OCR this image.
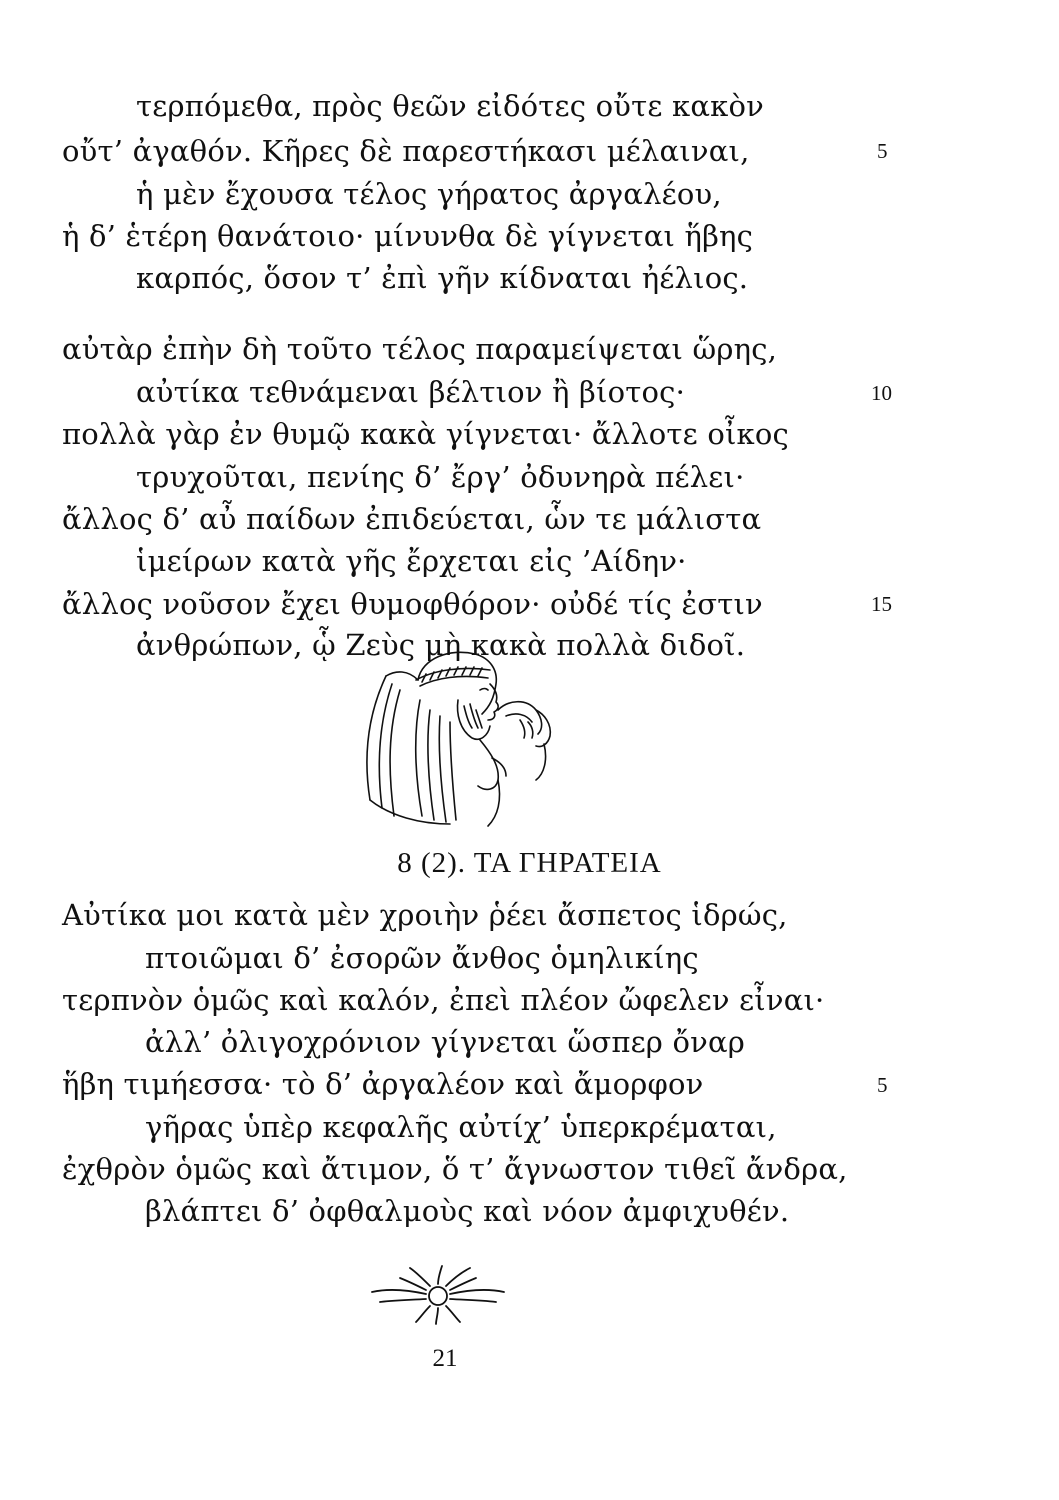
τερπόμεθα, πρὸς θεῶν εἰδότες οὔτε κακὸν
οὔτ’ ἀγαθόν. Κῆρες δὲ παρεστήκασι μέλαιναι,
ἡ μὲν ἔχουσα τέλος γήρατος ἀργαλέου,
ἡ δ’ ἑτέρη θανάτοιο· μίνυνθα δὲ γίγνεται ἥβης
καρπός, ὅσον τ’ ἐπὶ γῆν κίδναται ἠέλιος.
αὐτὰρ ἐπὴν δὴ τοῦτο τέλος παραμείψεται ὥρης,
αὐτίκα τεθνάμεναι βέλτιον ἢ βίοτος·
πολλὰ γὰρ ἐν θυμῷ κακὰ γίγνεται· ἄλλοτε οἶκος
τρυχοῦται, πενίης δ’ ἔργ’ ὀδυνηρὰ πέλει·
ἄλλος δ’ αὖ παίδων ἐπιδεύεται, ὧν τε μάλιστα
ἱμείρων κατὰ γῆς ἔρχεται εἰς ’Αίδην·
ἄλλος νοῦσον ἔχει θυμοφθόρον· οὐδέ τίς ἐστιν
ἀνθρώπων, ᾧ Ζεὺς μὴ κακὰ πολλὰ διδοῖ.
5
10
15
8 (2). ΤΑ ΓΗΡΑΤΕΙΑ
Αὐτίκα μοι κατὰ μὲν χροιὴν ῥέει ἄσπετος ἱδρώς,
πτοιῶμαι δ’ ἐσορῶν ἄνθος ὁμηλικίης
τερπνὸν ὁμῶς καὶ καλόν, ἐπεὶ πλέον ὤφελεν εἶναι·
ἀλλ’ ὀλιγοχρόνιον γίγνεται ὥσπερ ὄναρ
ἥβη τιμήεσσα· τὸ δ’ ἀργαλέον καὶ ἄμορφον
γῆρας ὑπὲρ κεφαλῆς αὐτίχ’ ὑπερκρέμαται,
ἐχθρὸν ὁμῶς καὶ ἄτιμον, ὅ τ’ ἄγνωστον τιθεῖ ἄνδρα,
βλάπτει δ’ ὀφθαλμοὺς καὶ νόον ἀμφιχυθέν.
5
21
